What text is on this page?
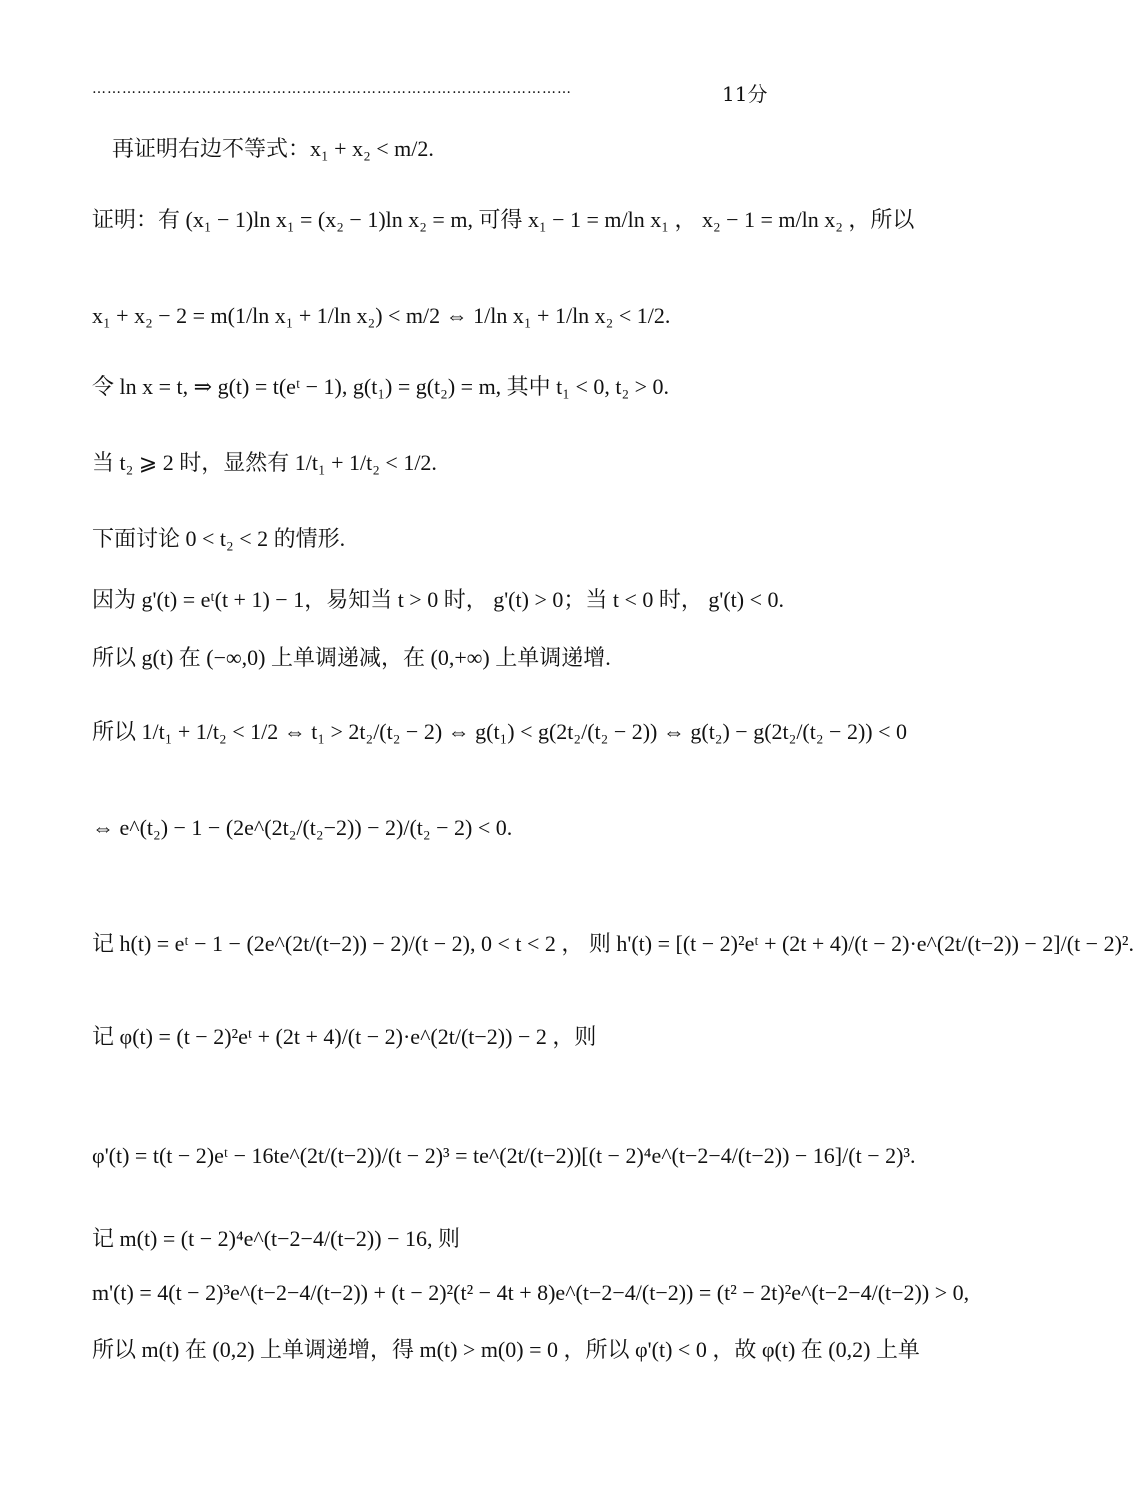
……………………………………………………………………………………	11分
再证明右边不等式：x₁ + x₂ < m/2.
证明：有 (x₁ − 1)ln x₁ = (x₂ − 1)ln x₂ = m, 可得 x₁ − 1 = m/ln x₁ ， x₂ − 1 = m/ln x₂ ，所以
x₁ + x₂ − 2 = m(1/ln x₁ + 1/ln x₂) < m/2 ⇔ 1/ln x₁ + 1/ln x₂ < 1/2.
令 ln x = t, ⇒ g(t) = t(eᵗ − 1), g(t₁) = g(t₂) = m, 其中 t₁ < 0, t₂ > 0.
当 t₂ ⩾ 2 时，显然有 1/t₁ + 1/t₂ < 1/2.
下面讨论 0 < t₂ < 2 的情形.
因为 g'(t) = eᵗ(t + 1) − 1，易知当 t > 0 时， g'(t) > 0；当 t < 0 时， g'(t) < 0.
所以 g(t) 在 (−∞,0) 上单调递减，在 (0,+∞) 上单调递增.
所以 1/t₁ + 1/t₂ < 1/2 ⇔ t₁ > 2t₂/(t₂ − 2) ⇔ g(t₁) < g(2t₂/(t₂ − 2)) ⇔ g(t₂) − g(2t₂/(t₂ − 2)) < 0
⇔ e^(t₂) − 1 − (2e^(2t₂/(t₂−2)) − 2)/(t₂ − 2) < 0.
记 h(t) = eᵗ − 1 − (2e^(2t/(t−2)) − 2)/(t − 2), 0 < t < 2 ， 则 h'(t) = [(t − 2)²eᵗ + (2t + 4)/(t − 2)·e^(2t/(t−2)) − 2]/(t − 2)².
记 φ(t) = (t − 2)²eᵗ + (2t + 4)/(t − 2)·e^(2t/(t−2)) − 2 ，则
φ'(t) = t(t − 2)eᵗ − 16te^(2t/(t−2))/(t − 2)³ = te^(2t/(t−2))[(t − 2)⁴e^(t−2−4/(t−2)) − 16]/(t − 2)³.
记 m(t) = (t − 2)⁴e^(t−2−4/(t−2)) − 16, 则
m'(t) = 4(t − 2)³e^(t−2−4/(t−2)) + (t − 2)²(t² − 4t + 8)e^(t−2−4/(t−2)) = (t² − 2t)²e^(t−2−4/(t−2)) > 0,
所以 m(t) 在 (0,2) 上单调递增，得 m(t) > m(0) = 0 ，所以 φ'(t) < 0 ，故 φ(t) 在 (0,2) 上单
